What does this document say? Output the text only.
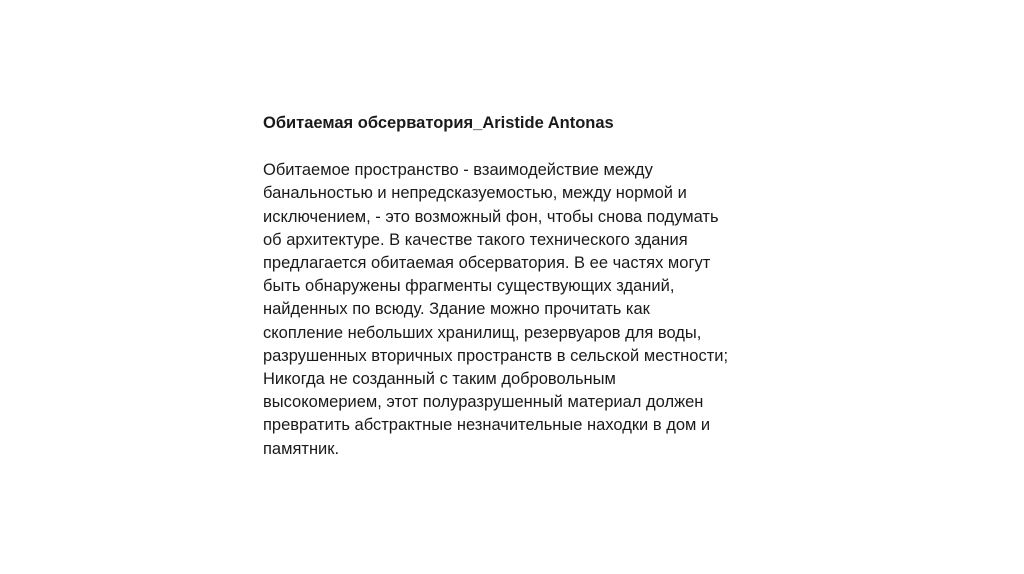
Обитаемая обсерватория_Aristide Antonas
Обитаемое пространство - взаимодействие между
банальностью и непредсказуемостью, между нормой и
исключением, - это возможный фон, чтобы снова подумать
об архитектуре. В качестве такого технического здания
предлагается обитаемая обсерватория. В ее частях могут
быть обнаружены фрагменты существующих зданий,
найденных по всюду. Здание можно прочитать как
скопление небольших хранилищ, резервуаров для воды,
разрушенных вторичных пространств в сельской местности;
Никогда не созданный с таким добровольным
высокомерием, этот полуразрушенный материал должен
превратить абстрактные незначительные находки в дом и
памятник.
